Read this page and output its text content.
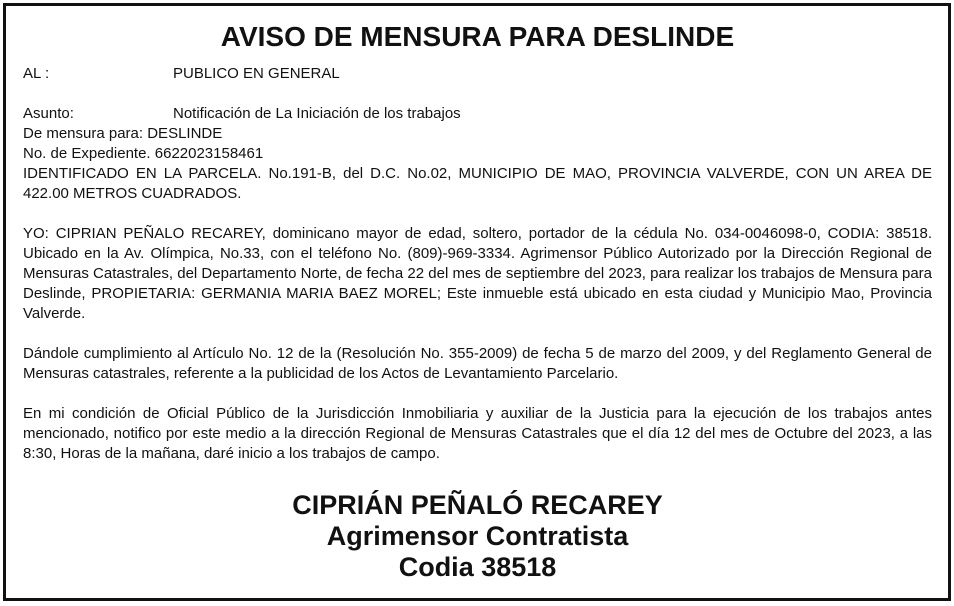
AVISO DE MENSURA PARA DESLINDE
AL :	PUBLICO EN GENERAL
Asunto:	Notificación de La Iniciación de los trabajos
De mensura para: DESLINDE
No. de Expediente. 6622023158461

IDENTIFICADO EN LA PARCELA. No.191-B, del D.C. No.02, MUNICIPIO DE MAO, PROVINCIA VALVERDE, CON UN AREA DE 422.00 METROS CUADRADOS.

YO: CIPRIAN PEÑALO RECAREY, dominicano mayor de edad, soltero, portador de la cédula No. 034-0046098-0, CODIA: 38518. Ubicado en la Av. Olímpica, No.33, con el teléfono No. (809)-969-3334. Agrimensor Público Autorizado por la Dirección Regional de Mensuras Catastrales, del Departamento Norte, de fecha 22 del mes de septiembre del 2023, para realizar los trabajos de Mensura para Deslinde, PROPIETARIA: GERMANIA MARIA BAEZ MOREL; Este inmueble está ubicado en esta ciudad y Municipio Mao, Provincia Valverde.

Dándole cumplimiento al Artículo No. 12 de la (Resolución No. 355-2009) de fecha 5 de marzo del 2009, y del Reglamento General de Mensuras catastrales, referente a la publicidad de los Actos de Levantamiento Parcelario.

En mi condición de Oficial Público de la Jurisdicción Inmobiliaria y auxiliar de la Justicia para la ejecución de los trabajos antes mencionado, notifico por este medio a la dirección Regional de Mensuras Catastrales que el día 12 del mes de Octubre del 2023, a las 8:30, Horas de la mañana, daré inicio a los trabajos de campo.

CIPRIÁN PEÑALÓ RECAREY
Agrimensor Contratista
Codia 38518
